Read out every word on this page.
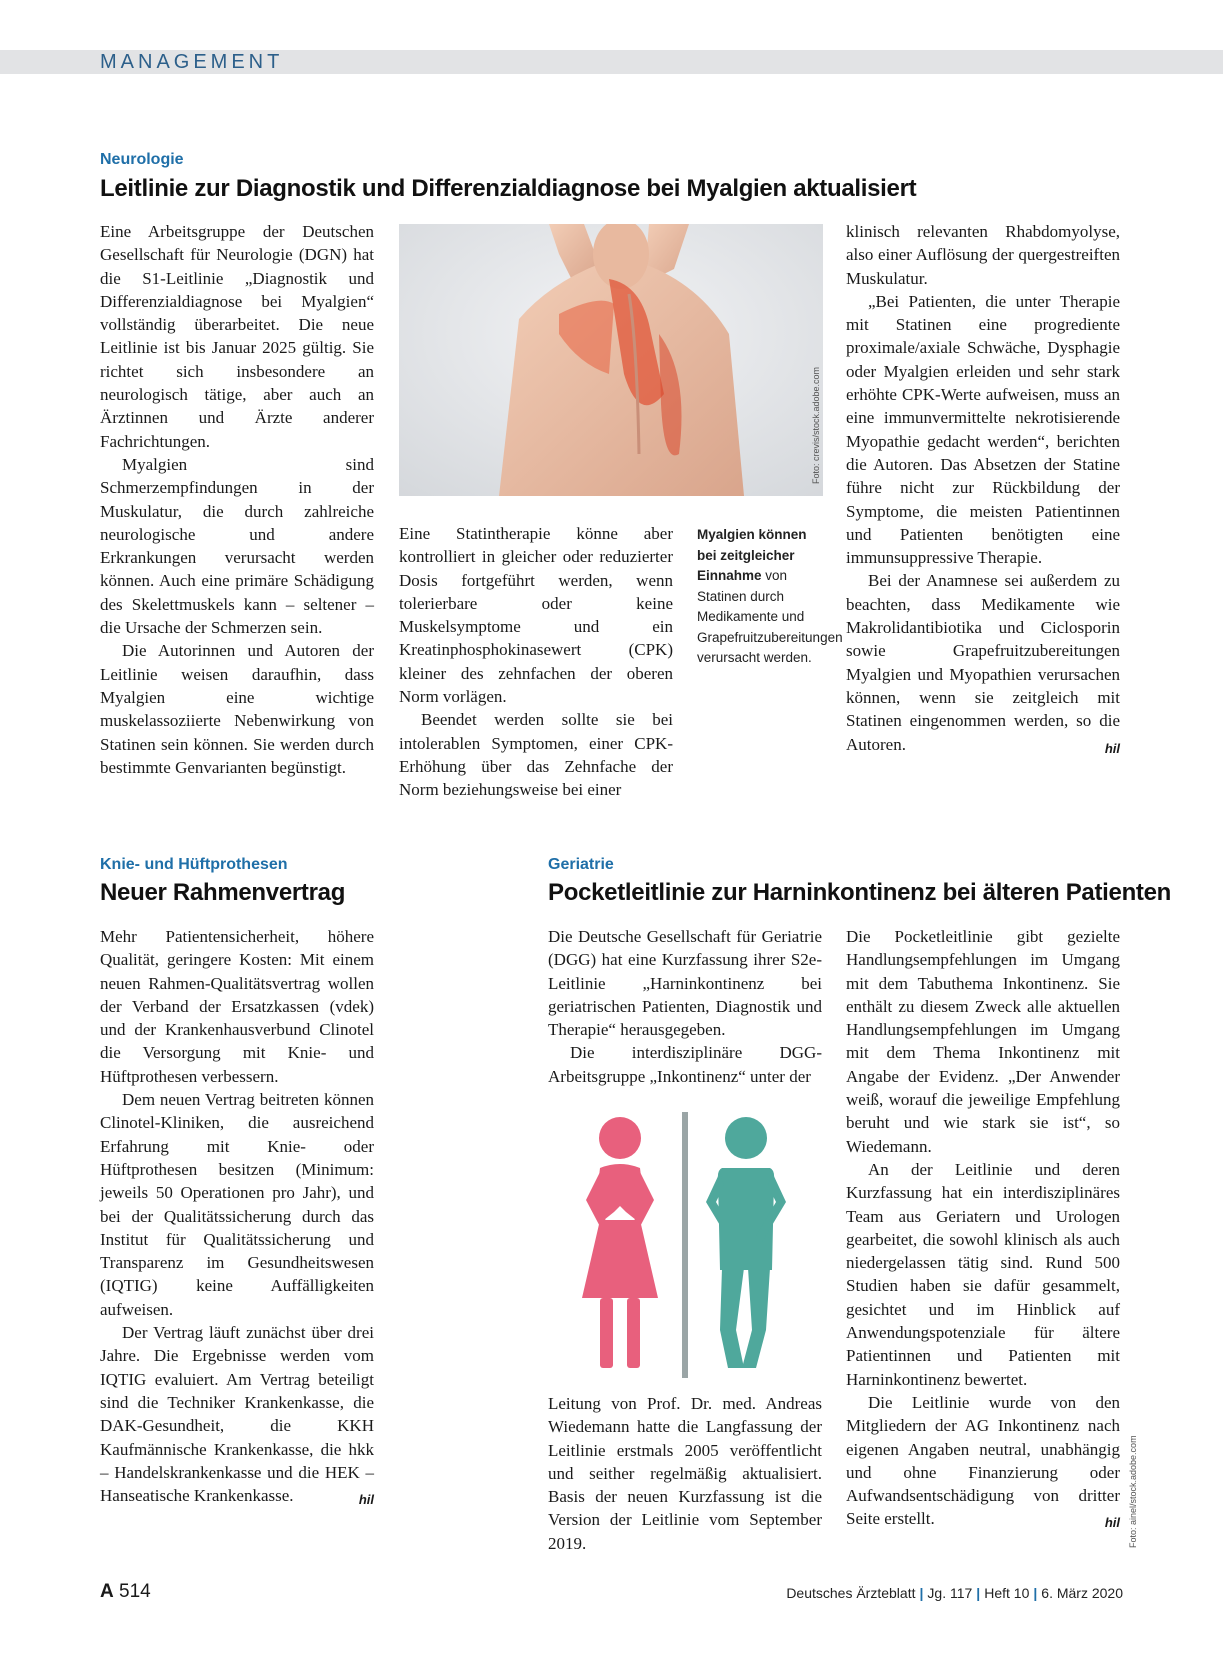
MANAGEMENT
Neurologie
Leitlinie zur Diagnostik und Differenzialdiagnose bei Myalgien aktualisiert

Eine Arbeitsgruppe der Deutschen Gesellschaft für Neurologie (DGN) hat die S1-Leitlinie „Diagnostik und Differenzialdiagnose bei Myalgien“ vollständig überarbeitet. Die neue Leitlinie ist bis Januar 2025 gültig. Sie richtet sich insbesondere an neurologisch tätige, aber auch an Ärztinnen und Ärzte anderer Fachrichtungen.

Myalgien sind Schmerzempfindungen in der Muskulatur, die durch zahlreiche neurologische und andere Erkrankungen verursacht werden können. Auch eine primäre Schädigung des Skelettmuskels kann – seltener – die Ursache der Schmerzen sein.

Die Autorinnen und Autoren der Leitlinie weisen daraufhin, dass Myalgien eine wichtige muskelassoziierte Nebenwirkung von Statinen sein können. Sie werden durch bestimmte Genvarianten begünstigt.

Foto: crevis/stock.adobe.com

Eine Statintherapie könne aber kontrolliert in gleicher oder reduzierter Dosis fortgeführt werden, wenn tolerierbare oder keine Muskelsymptome und ein Kreatinphosphokinasewert (CPK) kleiner des zehnfachen der oberen Norm vorlägen.

Beendet werden sollte sie bei intolerablen Symptomen, einer CPK-Erhöhung über das Zehnfache der Norm beziehungsweise bei einer

Myalgien können bei zeitgleicher Einnahme von Statinen durch Medikamente und Grapefruitzubereitungen verursacht werden.

klinisch relevanten Rhabdomyolyse, also einer Auflösung der quergestreiften Muskulatur.

„Bei Patienten, die unter Therapie mit Statinen eine progrediente proximale/axiale Schwäche, Dysphagie oder Myalgien erleiden und sehr stark erhöhte CPK-Werte aufweisen, muss an eine immunvermittelte nekrotisierende Myopathie gedacht werden“, berichten die Autoren. Das Absetzen der Statine führe nicht zur Rückbildung der Symptome, die meisten Patientinnen und Patienten benötigten eine immunsuppressive Therapie.

Bei der Anamnese sei außerdem zu beachten, dass Medikamente wie Makrolidantibiotika und Ciclosporin sowie Grapefruitzubereitungen Myalgien und Myopathien verursachen können, wenn sie zeitgleich mit Statinen eingenommen werden, so die Autoren.	hil

Knie- und Hüftprothesen
Neuer Rahmenvertrag

Mehr Patientensicherheit, höhere Qualität, geringere Kosten: Mit einem neuen Rahmen-Qualitätsvertrag wollen der Verband der Ersatzkassen (vdek) und der Krankenhausverbund Clinotel die Versorgung mit Knie- und Hüftprothesen verbessern.

Dem neuen Vertrag beitreten können Clinotel-Kliniken, die ausreichend Erfahrung mit Knie- oder Hüftprothesen besitzen (Minimum: jeweils 50 Operationen pro Jahr), und bei der Qualitätssicherung durch das Institut für Qualitätssicherung und Transparenz im Gesundheitswesen (IQTIG) keine Auffälligkeiten aufweisen.

Der Vertrag läuft zunächst über drei Jahre. Die Ergebnisse werden vom IQTIG evaluiert. Am Vertrag beteiligt sind die Techniker Krankenkasse, die DAK-Gesundheit, die KKH Kaufmännische Krankenkasse, die hkk – Handelskrankenkasse und die HEK – Hanseatische Krankenkasse.	hil

Geriatrie
Pocketleitlinie zur Harninkontinenz bei älteren Patienten

Die Deutsche Gesellschaft für Geriatrie (DGG) hat eine Kurzfassung ihrer S2e-Leitlinie „Harninkontinenz bei geriatrischen Patienten, Diagnostik und Therapie“ herausgegeben.

Die interdisziplinäre DGG-Arbeitsgruppe „Inkontinenz“ unter der

Leitung von Prof. Dr. med. Andreas Wiedemann hatte die Langfassung der Leitlinie erstmals 2005 veröffentlicht und seither regelmäßig aktualisiert. Basis der neuen Kurzfassung ist die Version der Leitlinie vom September 2019.

Die Pocketleitlinie gibt gezielte Handlungsempfehlungen im Umgang mit dem Tabuthema Inkontinenz. Sie enthält zu diesem Zweck alle aktuellen Handlungsempfehlungen im Umgang mit dem Thema Inkontinenz mit Angabe der Evidenz. „Der Anwender weiß, worauf die jeweilige Empfehlung beruht und wie stark sie ist“, so Wiedemann.

An der Leitlinie und deren Kurzfassung hat ein interdisziplinäres Team aus Geriatern und Urologen gearbeitet, die sowohl klinisch als auch niedergelassen tätig sind. Rund 500 Studien haben sie dafür gesammelt, gesichtet und im Hinblick auf Anwendungspotenziale für ältere Patientinnen und Patienten mit Harninkontinenz bewertet.

Die Leitlinie wurde von den Mitgliedern der AG Inkontinenz nach eigenen Angaben neutral, unabhängig und ohne Finanzierung oder Aufwandsentschädigung von dritter Seite erstellt.	hil Foto: ainel/stock.adobe.com
A 514	Deutsches Ärzteblatt | Jg. 117 | Heft 10 | 6. März 2020
